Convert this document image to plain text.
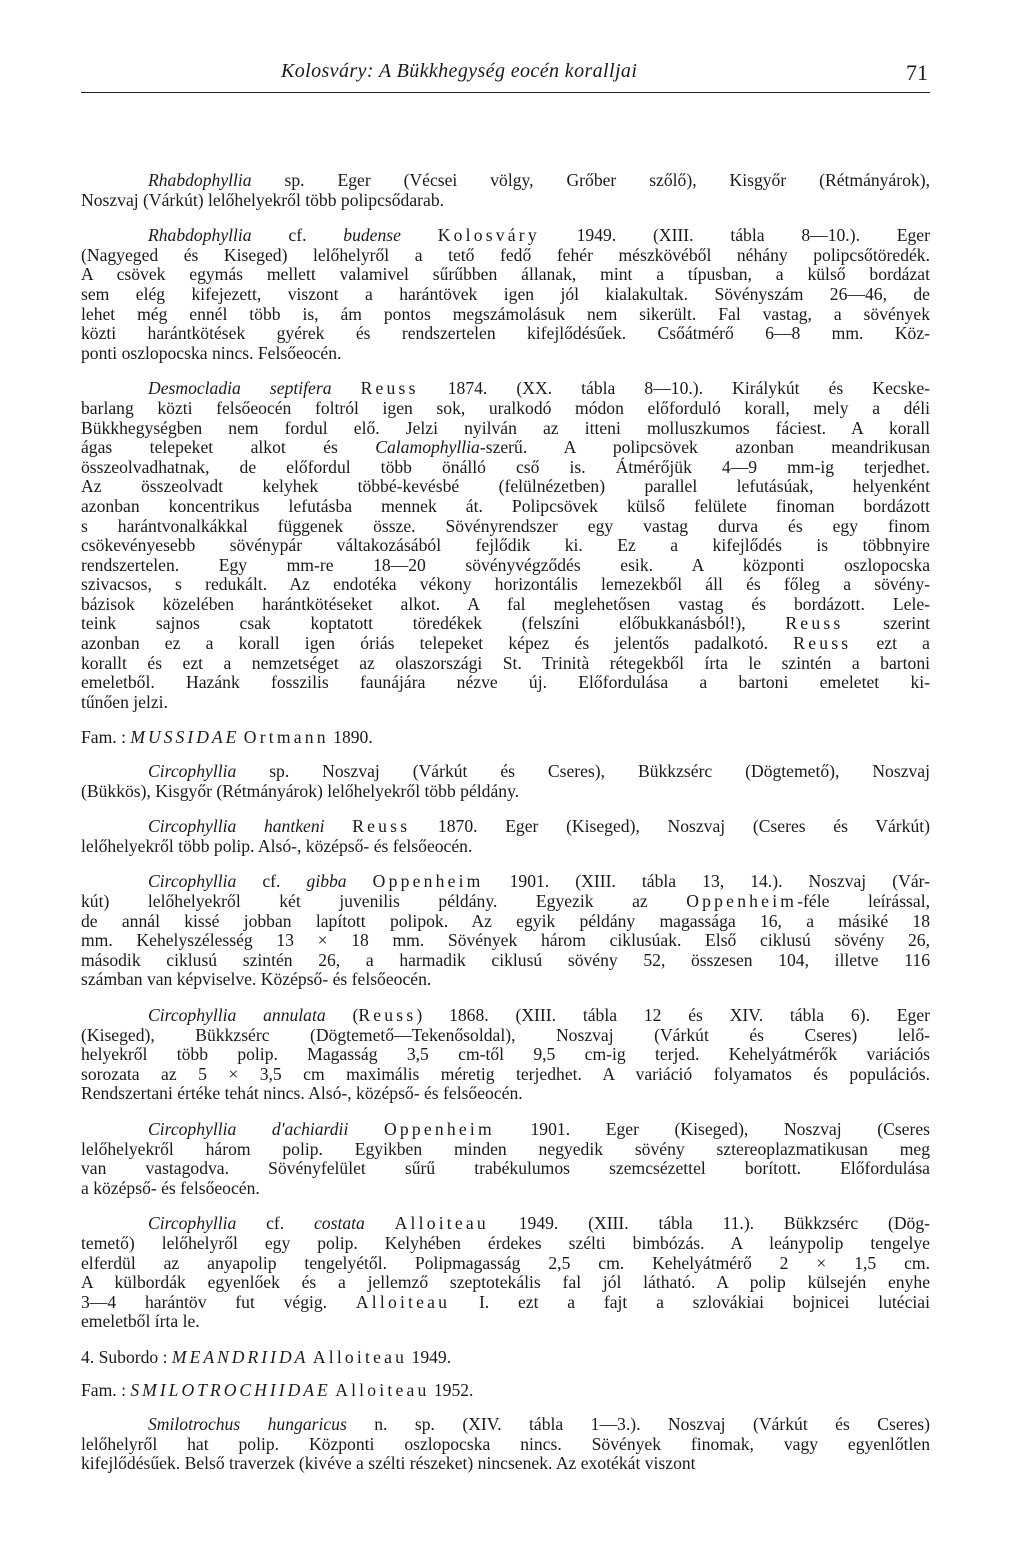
Kolosváry: A Bükkhegység eocén koralljai	71
Rhabdophyllia sp. Eger (Vécsei völgy, Grőber szőlő), Kisgyőr (Rétmányárok),
Noszvaj (Várkút) lelőhelyekről több polipcsődarab.
Rhabdophyllia cf. budense Kolosváry 1949. (XIII. tábla 8—10.). Eger
(Nagyeged és Kiseged) lelőhelyről a tető fedő fehér mészkövéből néhány polipcsőtöredék.
A csövek egymás mellett valamivel sűrűbben állanak, mint a típusban, a külső bordázat
sem elég kifejezett, viszont a harántövek igen jól kialakultak. Sövényszám 26—46, de
lehet még ennél több is, ám pontos megszámolásuk nem sikerült. Fal vastag, a sövények
közti harántkötések gyérek és rendszertelen kifejlődésűek. Csőátmérő 6—8 mm. Köz-
ponti oszlopocska nincs. Felsőeocén.
Desmocladia septifera Reuss 1874. (XX. tábla 8—10.). Királykút és Kecske-
barlang közti felsőeocén foltról igen sok, uralkodó módon előforduló korall, mely a déli
Bükkhegységben nem fordul elő. Jelzi nyilván az itteni molluszkumos fáciest. A korall
ágas telepeket alkot és Calamophyllia-szerű. A polipcsövek azonban meandrikusan
összeolvadhatnak, de előfordul több önálló cső is. Átmérőjük 4—9 mm-ig terjedhet.
Az összeolvadt kelyhek többé-kevésbé (felülnézetben) parallel lefutásúak, helyenként
azonban koncentrikus lefutásba mennek át. Polipcsövek külső felülete finoman bordázott
s harántvonalkákkal függenek össze. Sövényrendszer egy vastag durva és egy finom
csökevényesebb sövénypár váltakozásából fejlődik ki. Ez a kifejlődés is többnyire
rendszertelen. Egy mm-re 18—20 sövényvégződés esik. A központi oszlopocska
szivacsos, s redukált. Az endotéka vékony horizontális lemezekből áll és főleg a sövény-
bázisok közelében harántkötéseket alkot. A fal meglehetősen vastag és bordázott. Lele-
teink sajnos csak koptatott töredékek (felszíni előbukkanásból!), Reuss szerint
azonban ez a korall igen óriás telepeket képez és jelentős padalkotó. Reuss ezt a
korallt és ezt a nemzetséget az olaszországi St. Trinità rétegekből írta le szintén a bartoni
emeletből. Hazánk fosszilis faunájára nézve új. Előfordulása a bartoni emeletet ki-
tűnően jelzi.
Fam. : MUSSIDAE Ortmann 1890.
Circophyllia sp. Noszvaj (Várkút és Cseres), Bükkzsérc (Dögtemető), Noszvaj
(Bükkös), Kisgyőr (Rétmányárok) lelőhelyekről több példány.
Circophyllia hantkeni Reuss 1870. Eger (Kiseged), Noszvaj (Cseres és Várkút)
lelőhelyekről több polip. Alsó-, középső- és felsőeocén.
Circophyllia cf. gibba Oppenheim 1901. (XIII. tábla 13, 14.). Noszvaj (Vár-
kút) lelőhelyekről két juvenilis példány. Egyezik az Oppenheim-féle leírással,
de annál kissé jobban lapított polipok. Az egyik példány magassága 16, a másiké 18
mm. Kehelyszélesség 13 × 18 mm. Sövények három ciklusúak. Első ciklusú sövény 26,
második ciklusú szintén 26, a harmadik ciklusú sövény 52, összesen 104, illetve 116
számban van képviselve. Középső- és felsőeocén.
Circophyllia annulata (Reuss) 1868. (XIII. tábla 12 és XIV. tábla 6). Eger
(Kiseged), Bükkzsérc (Dögtemető—Tekenősoldal), Noszvaj (Várkút és Cseres) lelő-
helyekről több polip. Magasság 3,5 cm-től 9,5 cm-ig terjed. Kehelyátmérők variációs
sorozata az 5 × 3,5 cm maximális méretig terjedhet. A variáció folyamatos és populációs.
Rendszertani értéke tehát nincs. Alsó-, középső- és felsőeocén.
Circophyllia d'achiardii Oppenheim 1901. Eger (Kiseged), Noszvaj (Cseres
lelőhelyekről három polip. Egyikben minden negyedik sövény sztereoplazmatikusan meg
van vastagodva. Sövényfelület sűrű trabékulumos szemcsézettel borított. Előfordulása
a középső- és felsőeocén.
Circophyllia cf. costata Alloiteau 1949. (XIII. tábla 11.). Bükkzsérc (Dög-
temető) lelőhelyről egy polip. Kelyhében érdekes szélti bimbózás. A leánypolip tengelye
elferdül az anyapolip tengelyétől. Polipmagasság 2,5 cm. Kehelyátmérő 2 × 1,5 cm.
A külbordák egyenlőek és a jellemző szeptotekális fal jól látható. A polip külsején enyhe
3—4 harántöv fut végig. Alloiteau I. ezt a fajt a szlovákiai bojnicei lutéciai
emeletből írta le.
4. Subordo : MEANDRIIDA Alloiteau 1949.
Fam. : SMILOTROCHIIDAE Alloiteau 1952.
Smilotrochus hungaricus n. sp. (XIV. tábla 1—3.). Noszvaj (Várkút és Cseres)
lelőhelyről hat polip. Központi oszlopocska nincs. Sövények finomak, vagy egyenlőtlen
kifejlődésűek. Belső traverzek (kivéve a szélti részeket) nincsenek. Az exotékát viszont
